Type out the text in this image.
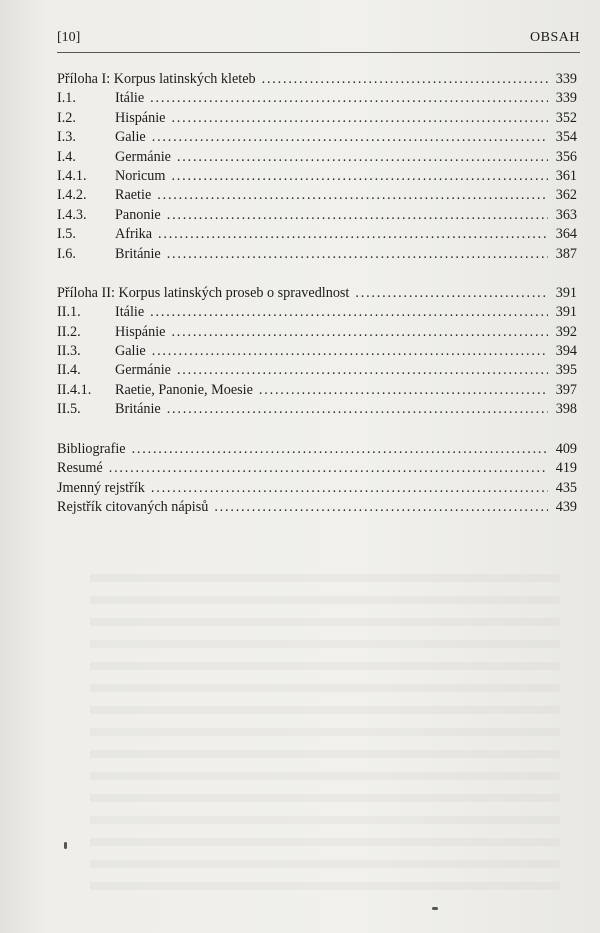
[10]	OBSAH
Příloha I: Korpus latinských kleteb .....	339
I.1.	Itálie .....	339
I.2.	Hispánie .....	352
I.3.	Galie .....	354
I.4.	Germánie .....	356
I.4.1.	Noricum .....	361
I.4.2.	Raetie .....	362
I.4.3.	Panonie .....	363
I.5.	Afrika .....	364
I.6.	Británie .....	387
Příloha II: Korpus latinských proseb o spravedlnost .....	391
II.1.	Itálie .....	391
II.2.	Hispánie .....	392
II.3.	Galie .....	394
II.4.	Germánie .....	395
II.4.1.	Raetie, Panonie, Moesie .....	397
II.5.	Británie .....	398
Bibliografie .....	409
Resumé .....	419
Jmenný rejstřík .....	435
Rejstřík citovaných nápisů .....	439
